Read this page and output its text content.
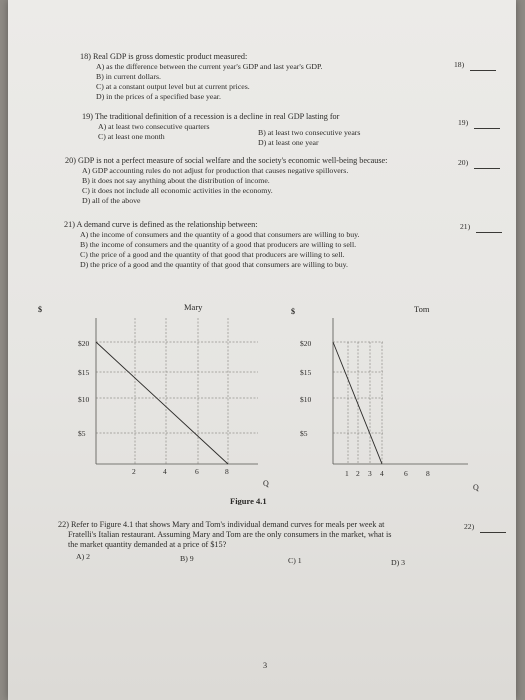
18) Real GDP is gross domestic product measured:
A) as the difference between the current year's GDP and last year's GDP.
B) in current dollars.
C) at a constant output level but at current prices.
D) in the prices of a specified base year.
18)
19) The traditional definition of a recession is a decline in real GDP lasting for
A) at least two consecutive quarters
B) at least two consecutive years
C) at least one month
D) at least one year
19)
20) GDP is not a perfect measure of social welfare and the society's economic well-being because:
A) GDP accounting rules do not adjust for production that causes negative spillovers.
B) it does not say anything about the distribution of income.
C) it does not include all economic activities in the economy.
D) all of the above
20)
21) A demand curve is defined as the relationship between:
A) the income of consumers and the quantity of a good that consumers are willing to buy.
B) the income of consumers and the quantity of a good that producers are willing to sell.
C) the price of a good and the quantity of that good that producers are willing to sell.
D) the price of a good and the quantity of that good that consumers are willing to buy.
21)
$	Mary
$20
$15
$10
$5
2	4	6	8
Q
$	Tom
$20
$15
$10
$5
1 2 3 4	6 8
Q
Figure 4.1
22) Refer to Figure 4.1 that shows Mary and Tom's individual demand curves for meals per week at
Fratelli's Italian restaurant. Assuming Mary and Tom are the only consumers in the market, what is
the market quantity demanded at a price of $15?
A) 2	B) 9	C) 1	D) 3
22)
3
